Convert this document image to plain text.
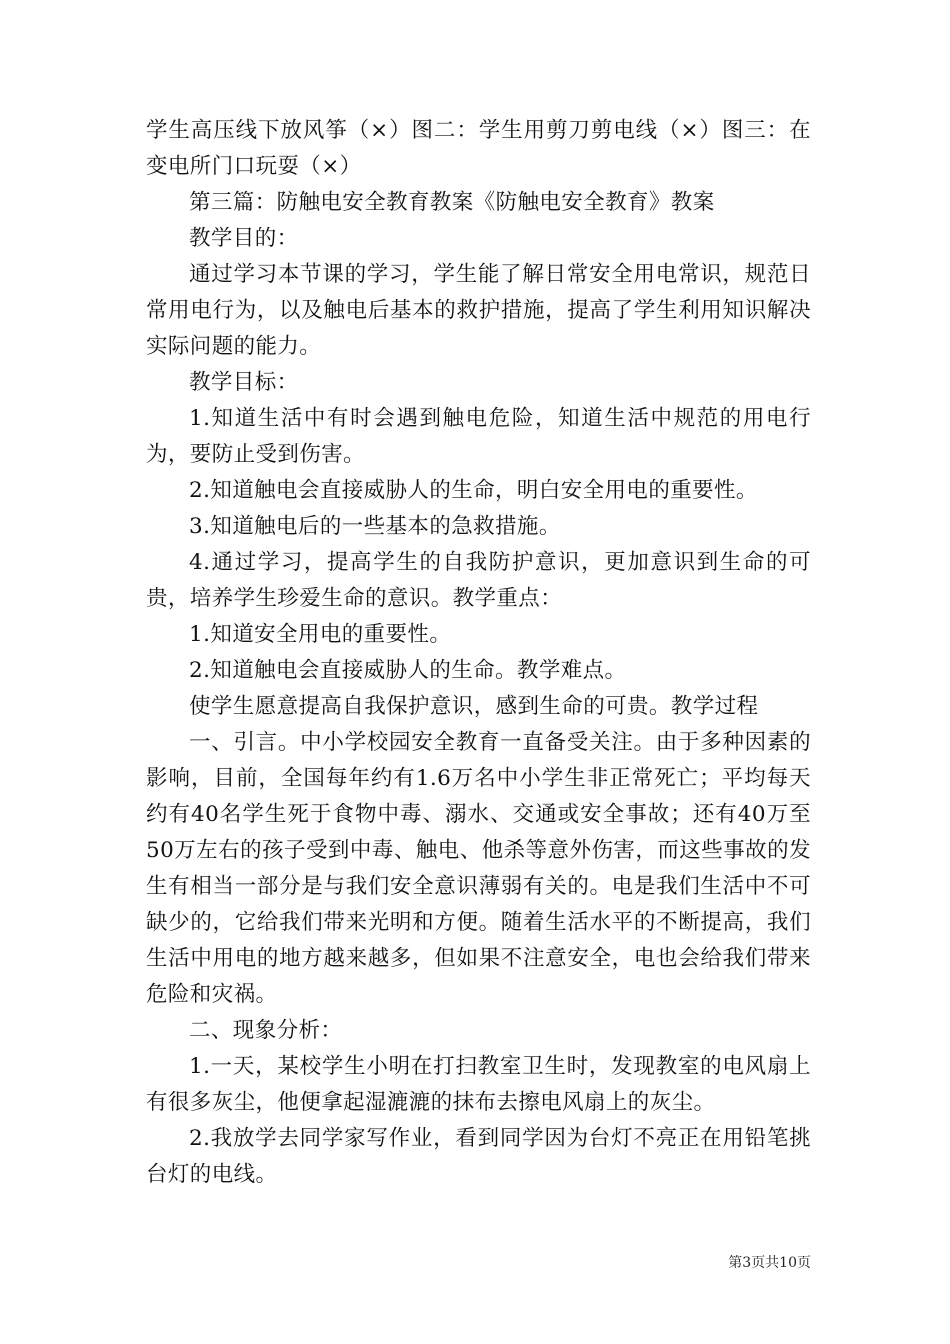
学生高压线下放风筝（×）图二：学生用剪刀剪电线（×）图三：在变电所门口玩耍（×）

第三篇：防触电安全教育教案《防触电安全教育》教案

教学目的：

通过学习本节课的学习，学生能了解日常安全用电常识，规范日常用电行为，以及触电后基本的救护措施，提高了学生利用知识解决实际问题的能力。

教学目标：

1.知道生活中有时会遇到触电危险，知道生活中规范的用电行为，要防止受到伤害。

2.知道触电会直接威胁人的生命，明白安全用电的重要性。

3.知道触电后的一些基本的急救措施。

4.通过学习，提高学生的自我防护意识，更加意识到生命的可贵，培养学生珍爱生命的意识。教学重点：

1.知道安全用电的重要性。

2.知道触电会直接威胁人的生命。教学难点。

使学生愿意提高自我保护意识，感到生命的可贵。教学过程

一、引言。中小学校园安全教育一直备受关注。由于多种因素的影响，目前，全国每年约有1.6万名中小学生非正常死亡；平均每天约有40名学生死于食物中毒、溺水、交通或安全事故；还有40万至50万左右的孩子受到中毒、触电、他杀等意外伤害，而这些事故的发生有相当一部分是与我们安全意识薄弱有关的。电是我们生活中不可缺少的，它给我们带来光明和方便。随着生活水平的不断提高，我们生活中用电的地方越来越多，但如果不注意安全，电也会给我们带来危险和灾祸。

二、现象分析：

1.一天，某校学生小明在打扫教室卫生时，发现教室的电风扇上有很多灰尘，他便拿起湿漉漉的抹布去擦电风扇上的灰尘。

2.我放学去同学家写作业，看到同学因为台灯不亮正在用铅笔挑台灯的电线。

第3页共10页
